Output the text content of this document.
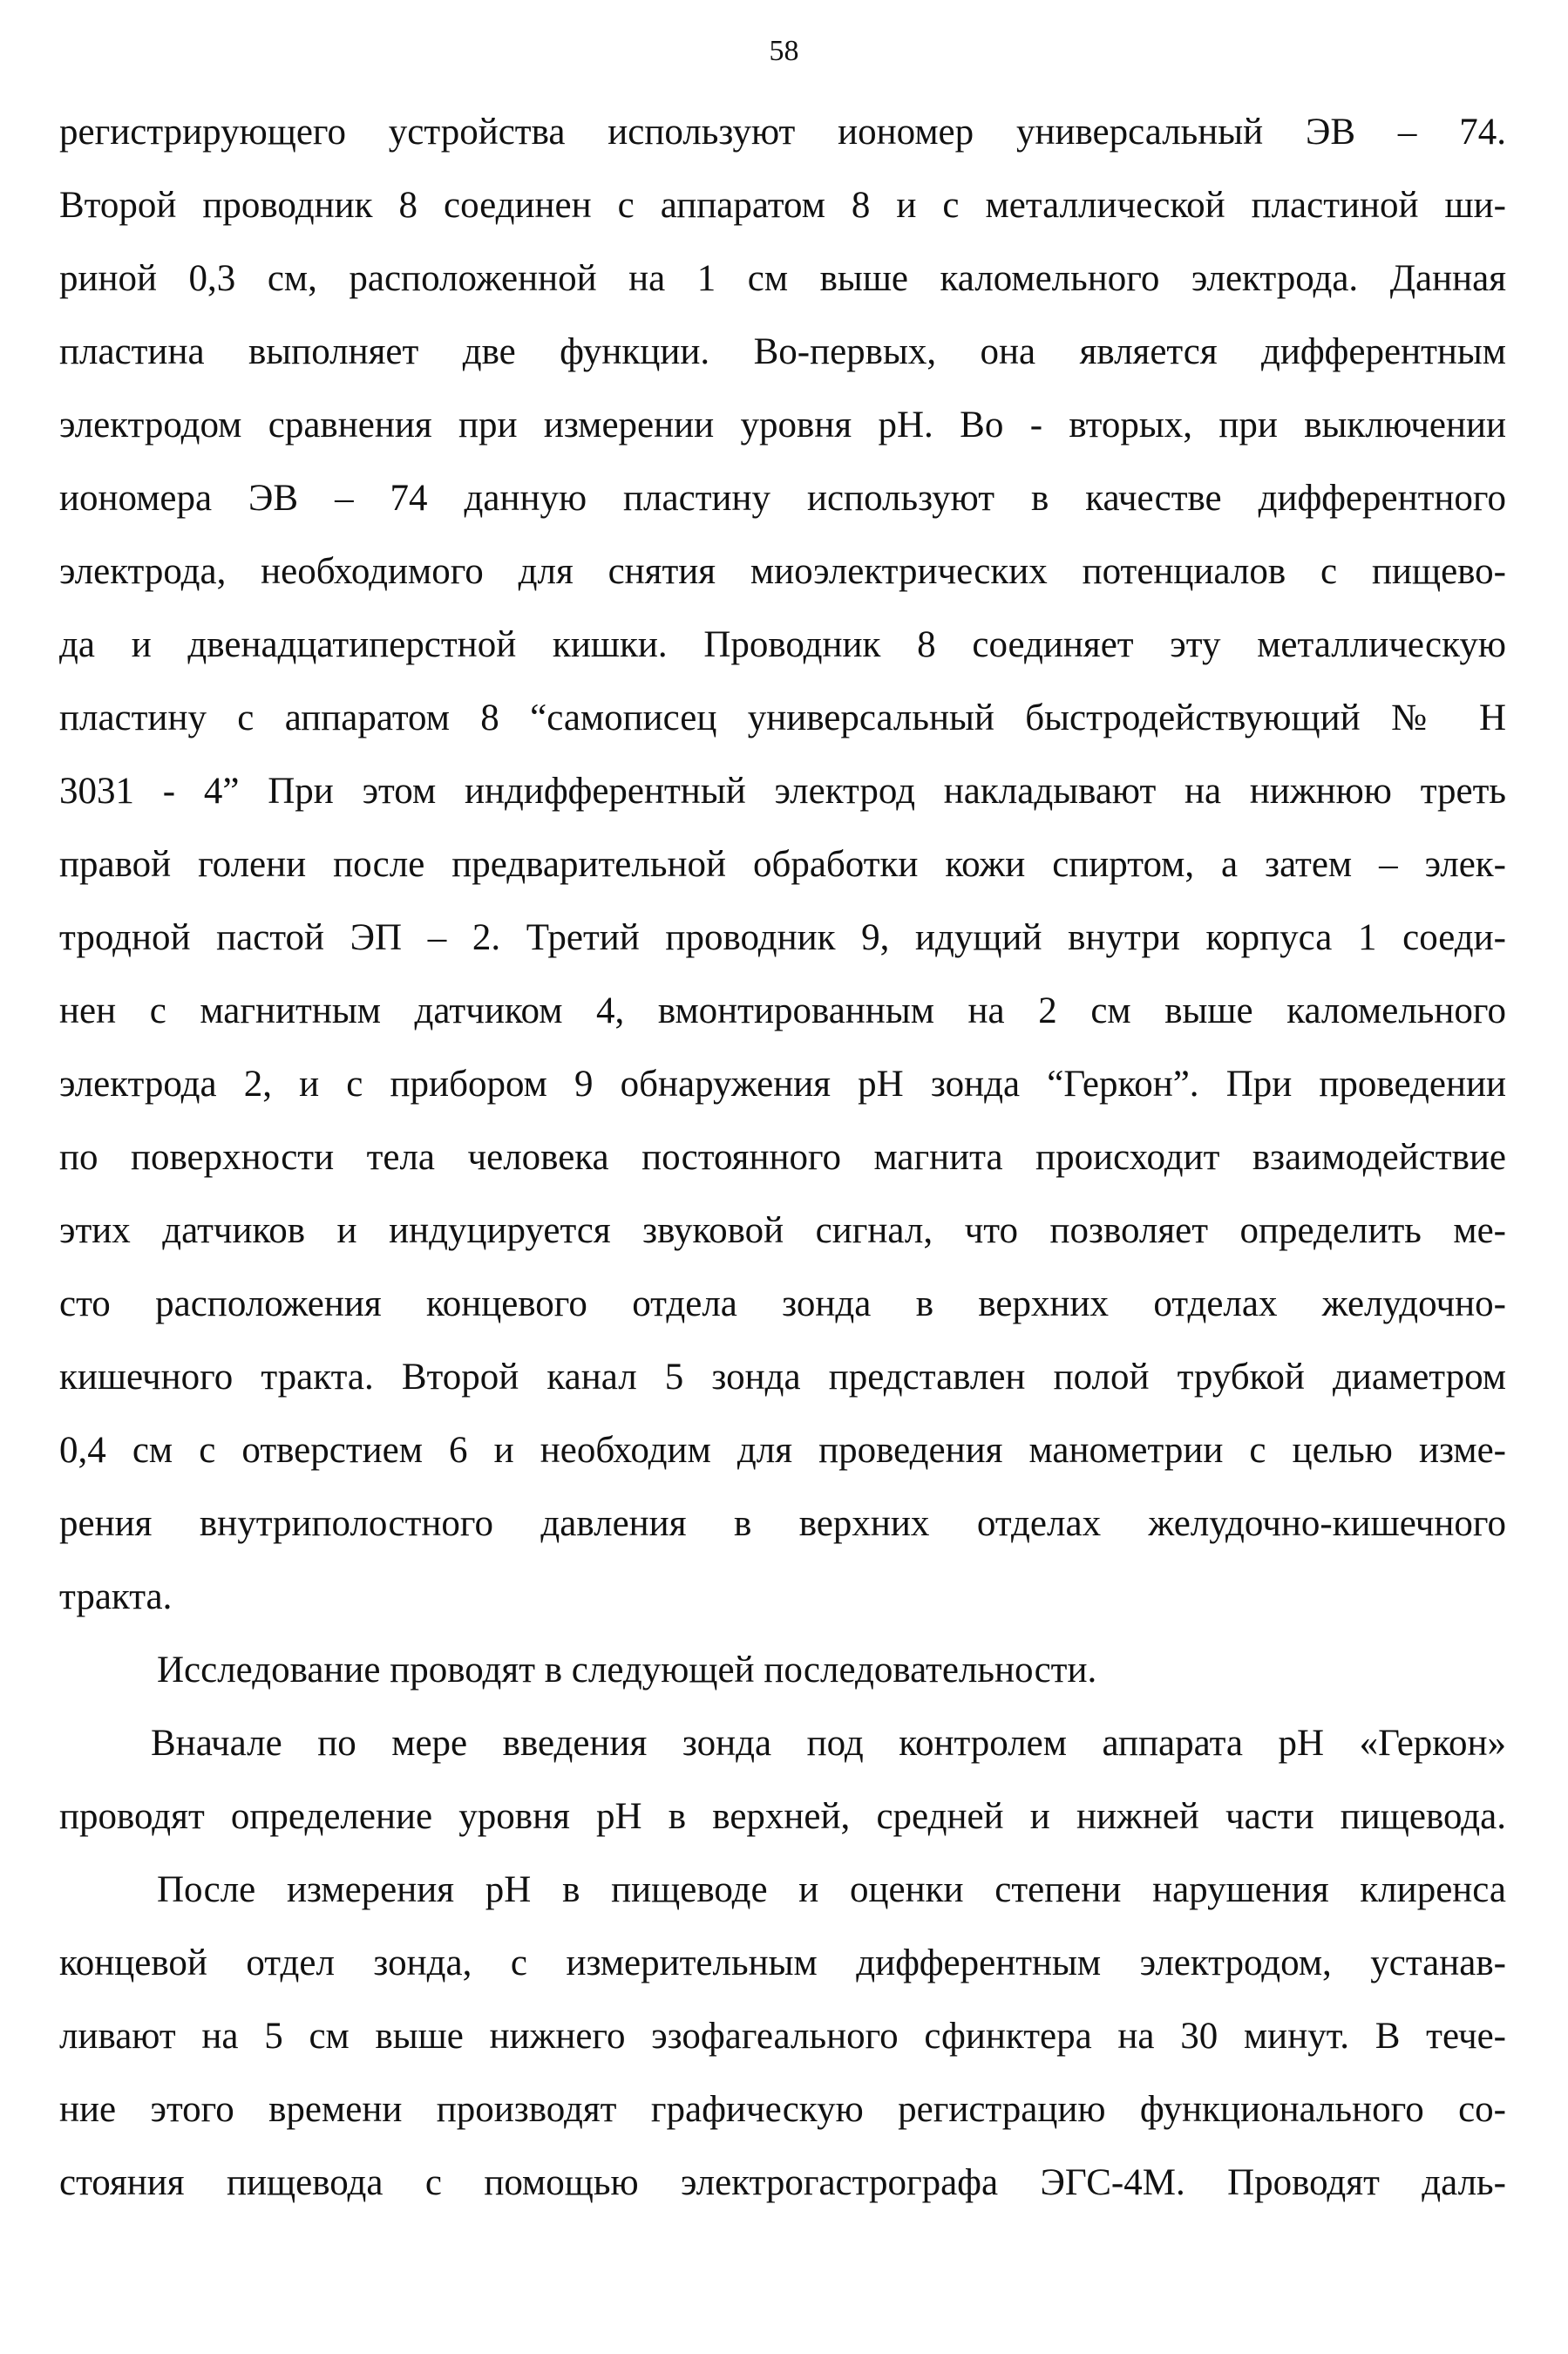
58
регистрирующего устройства используют иономер универсальный ЭВ – 74.
Второй проводник 8 соединен с аппаратом 8 и с металлической пластиной ши-
риной 0,3 см, расположенной на 1 см выше каломельного электрода. Данная
пластина выполняет две функции. Во-первых, она является дифферентным
электродом сравнения при измерении уровня pH. Во - вторых, при выключении
иономера ЭВ – 74 данную пластину используют в качестве дифферентного
электрода, необходимого для снятия миоэлектрических потенциалов с пищево-
да и двенадцатиперстной кишки. Проводник 8 соединяет эту металлическую
пластину с аппаратом 8 “самописец универсальный быстродействующий № Н
3031 - 4” При этом индифферентный электрод накладывают на нижнюю треть
правой голени после предварительной обработки кожи спиртом, а затем – элек-
тродной пастой ЭП – 2. Третий проводник 9, идущий внутри корпуса 1 соеди-
нен с магнитным датчиком 4, вмонтированным на 2 см выше каломельного
электрода 2, и с прибором 9 обнаружения pH зонда “Геркон”. При проведении
по поверхности тела человека постоянного магнита происходит взаимодействие
этих датчиков и индуцируется звуковой сигнал, что позволяет определить ме-
сто расположения концевого отдела зонда в верхних отделах желудочно-
кишечного тракта. Второй канал 5 зонда представлен полой трубкой диаметром
0,4 см с отверстием 6 и необходим для проведения манометрии с целью изме-
рения внутриполостного давления в верхних отделах желудочно-кишечного
тракта.
Исследование проводят в следующей последовательности.
Вначале по мере введения зонда под контролем аппарата pH «Геркон»
проводят определение уровня pH в верхней, средней и нижней части пищевода.
После измерения pH в пищеводе и оценки степени нарушения клиренса
концевой отдел зонда, с измерительным дифферентным электродом, устанав-
ливают на 5 см выше нижнего эзофагеального сфинктера на 30 минут. В тече-
ние этого времени производят графическую регистрацию функционального со-
стояния пищевода с помощью электрогастрографа ЭГС-4М. Проводят даль-
